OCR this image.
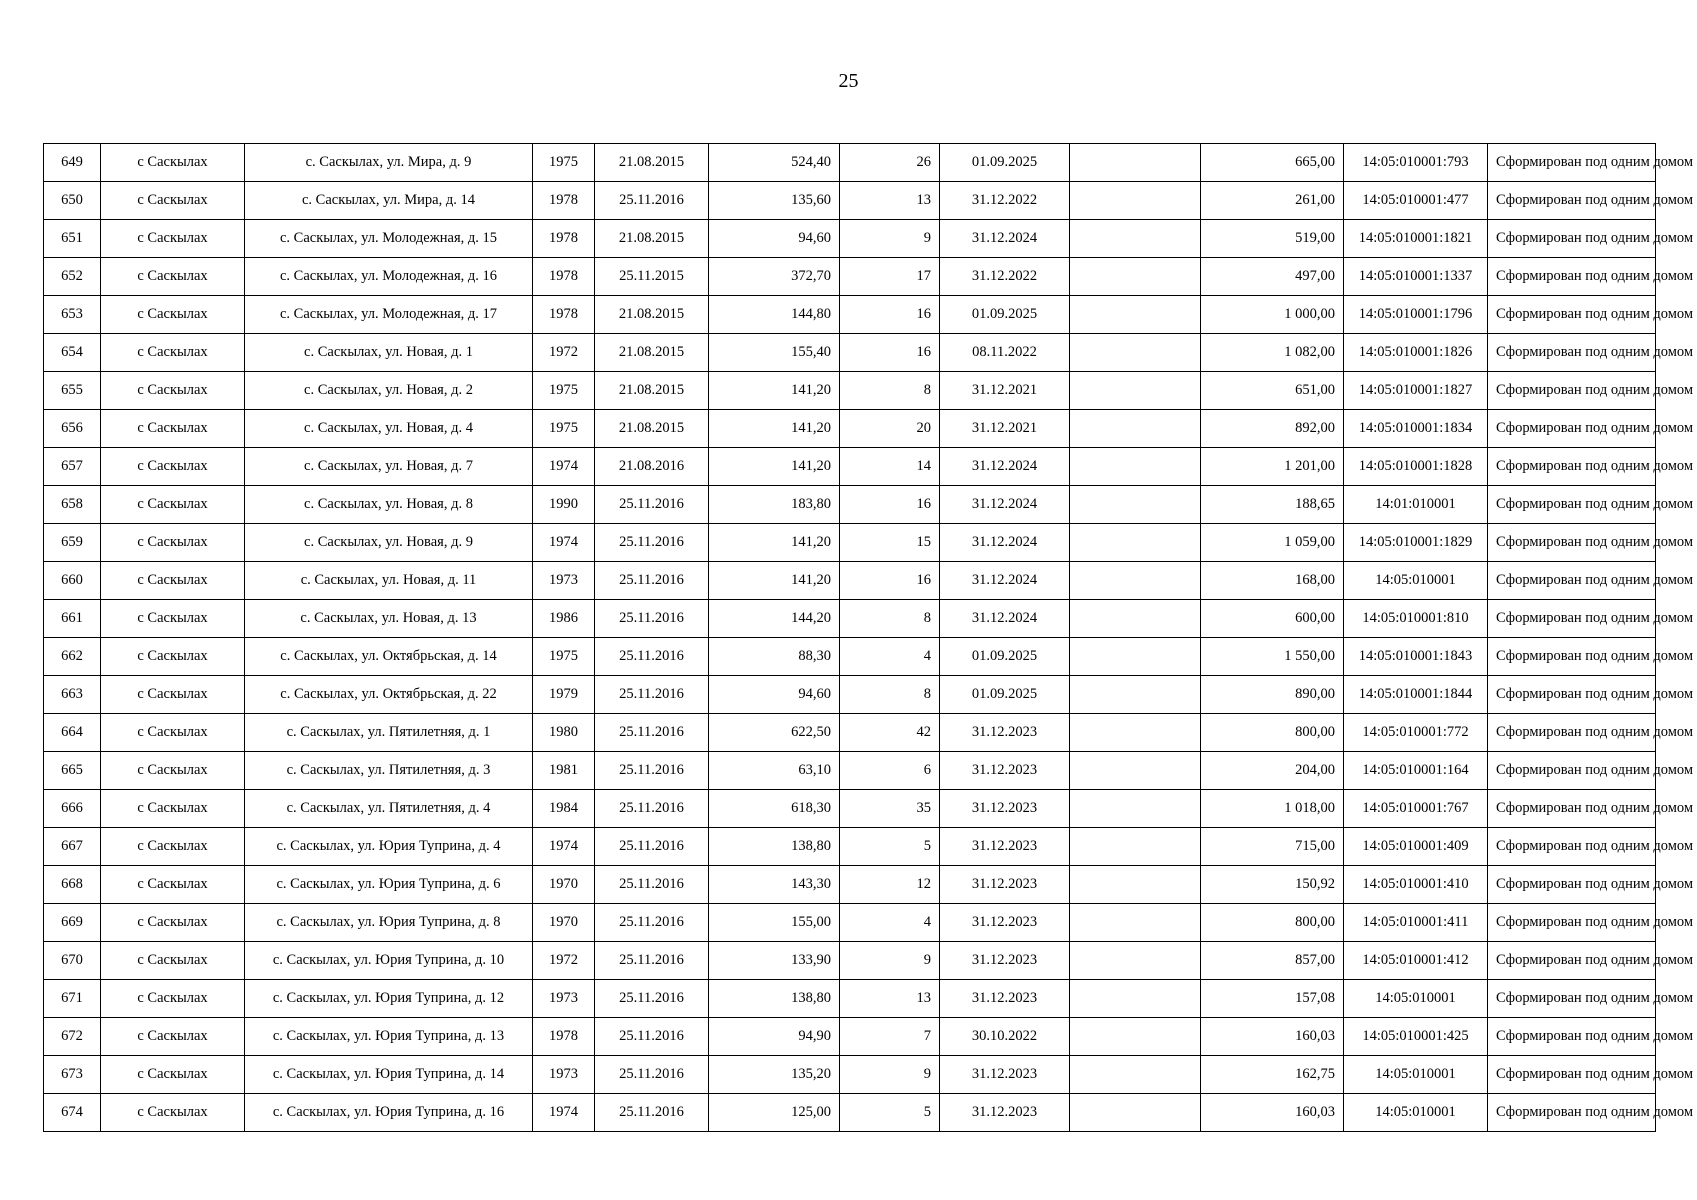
25
649	с Саскылах	с. Саскылах, ул. Мира, д. 9	1975	21.08.2015	524,40	26	01.09.2025		665,00	14:05:010001:793	Сформирован под одним домом
650	с Саскылах	с. Саскылах, ул. Мира, д. 14	1978	25.11.2016	135,60	13	31.12.2022		261,00	14:05:010001:477	Сформирован под одним домом
651	с Саскылах	с. Саскылах, ул. Молодежная, д. 15	1978	21.08.2015	94,60	9	31.12.2024		519,00	14:05:010001:1821	Сформирован под одним домом
652	с Саскылах	с. Саскылах, ул. Молодежная, д. 16	1978	25.11.2015	372,70	17	31.12.2022		497,00	14:05:010001:1337	Сформирован под одним домом
653	с Саскылах	с. Саскылах, ул. Молодежная, д. 17	1978	21.08.2015	144,80	16	01.09.2025		1 000,00	14:05:010001:1796	Сформирован под одним домом
654	с Саскылах	с. Саскылах, ул. Новая, д. 1	1972	21.08.2015	155,40	16	08.11.2022		1 082,00	14:05:010001:1826	Сформирован под одним домом
655	с Саскылах	с. Саскылах, ул. Новая, д. 2	1975	21.08.2015	141,20	8	31.12.2021		651,00	14:05:010001:1827	Сформирован под одним домом
656	с Саскылах	с. Саскылах, ул. Новая, д. 4	1975	21.08.2015	141,20	20	31.12.2021		892,00	14:05:010001:1834	Сформирован под одним домом
657	с Саскылах	с. Саскылах, ул. Новая, д. 7	1974	21.08.2016	141,20	14	31.12.2024		1 201,00	14:05:010001:1828	Сформирован под одним домом
658	с Саскылах	с. Саскылах, ул. Новая, д. 8	1990	25.11.2016	183,80	16	31.12.2024		188,65	14:01:010001	Сформирован под одним домом
659	с Саскылах	с. Саскылах, ул. Новая, д. 9	1974	25.11.2016	141,20	15	31.12.2024		1 059,00	14:05:010001:1829	Сформирован под одним домом
660	с Саскылах	с. Саскылах, ул. Новая, д. 11	1973	25.11.2016	141,20	16	31.12.2024		168,00	14:05:010001	Сформирован под одним домом
661	с Саскылах	с. Саскылах, ул. Новая, д. 13	1986	25.11.2016	144,20	8	31.12.2024		600,00	14:05:010001:810	Сформирован под одним домом
662	с Саскылах	с. Саскылах, ул. Октябрьская, д. 14	1975	25.11.2016	88,30	4	01.09.2025		1 550,00	14:05:010001:1843	Сформирован под одним домом
663	с Саскылах	с. Саскылах, ул. Октябрьская, д. 22	1979	25.11.2016	94,60	8	01.09.2025		890,00	14:05:010001:1844	Сформирован под одним домом
664	с Саскылах	с. Саскылах, ул. Пятилетняя, д. 1	1980	25.11.2016	622,50	42	31.12.2023		800,00	14:05:010001:772	Сформирован под одним домом
665	с Саскылах	с. Саскылах, ул. Пятилетняя, д. 3	1981	25.11.2016	63,10	6	31.12.2023		204,00	14:05:010001:164	Сформирован под одним домом
666	с Саскылах	с. Саскылах, ул. Пятилетняя, д. 4	1984	25.11.2016	618,30	35	31.12.2023		1 018,00	14:05:010001:767	Сформирован под одним домом
667	с Саскылах	с. Саскылах, ул. Юрия Туприна, д. 4	1974	25.11.2016	138,80	5	31.12.2023		715,00	14:05:010001:409	Сформирован под одним домом
668	с Саскылах	с. Саскылах, ул. Юрия Туприна, д. 6	1970	25.11.2016	143,30	12	31.12.2023		150,92	14:05:010001:410	Сформирован под одним домом
669	с Саскылах	с. Саскылах, ул. Юрия Туприна, д. 8	1970	25.11.2016	155,00	4	31.12.2023		800,00	14:05:010001:411	Сформирован под одним домом
670	с Саскылах	с. Саскылах, ул. Юрия Туприна, д. 10	1972	25.11.2016	133,90	9	31.12.2023		857,00	14:05:010001:412	Сформирован под одним домом
671	с Саскылах	с. Саскылах, ул. Юрия Туприна, д. 12	1973	25.11.2016	138,80	13	31.12.2023		157,08	14:05:010001	Сформирован под одним домом
672	с Саскылах	с. Саскылах, ул. Юрия Туприна, д. 13	1978	25.11.2016	94,90	7	30.10.2022		160,03	14:05:010001:425	Сформирован под одним домом
673	с Саскылах	с. Саскылах, ул. Юрия Туприна, д. 14	1973	25.11.2016	135,20	9	31.12.2023		162,75	14:05:010001	Сформирован под одним домом
674	с Саскылах	с. Саскылах, ул. Юрия Туприна, д. 16	1974	25.11.2016	125,00	5	31.12.2023		160,03	14:05:010001	Сформирован под одним домом
